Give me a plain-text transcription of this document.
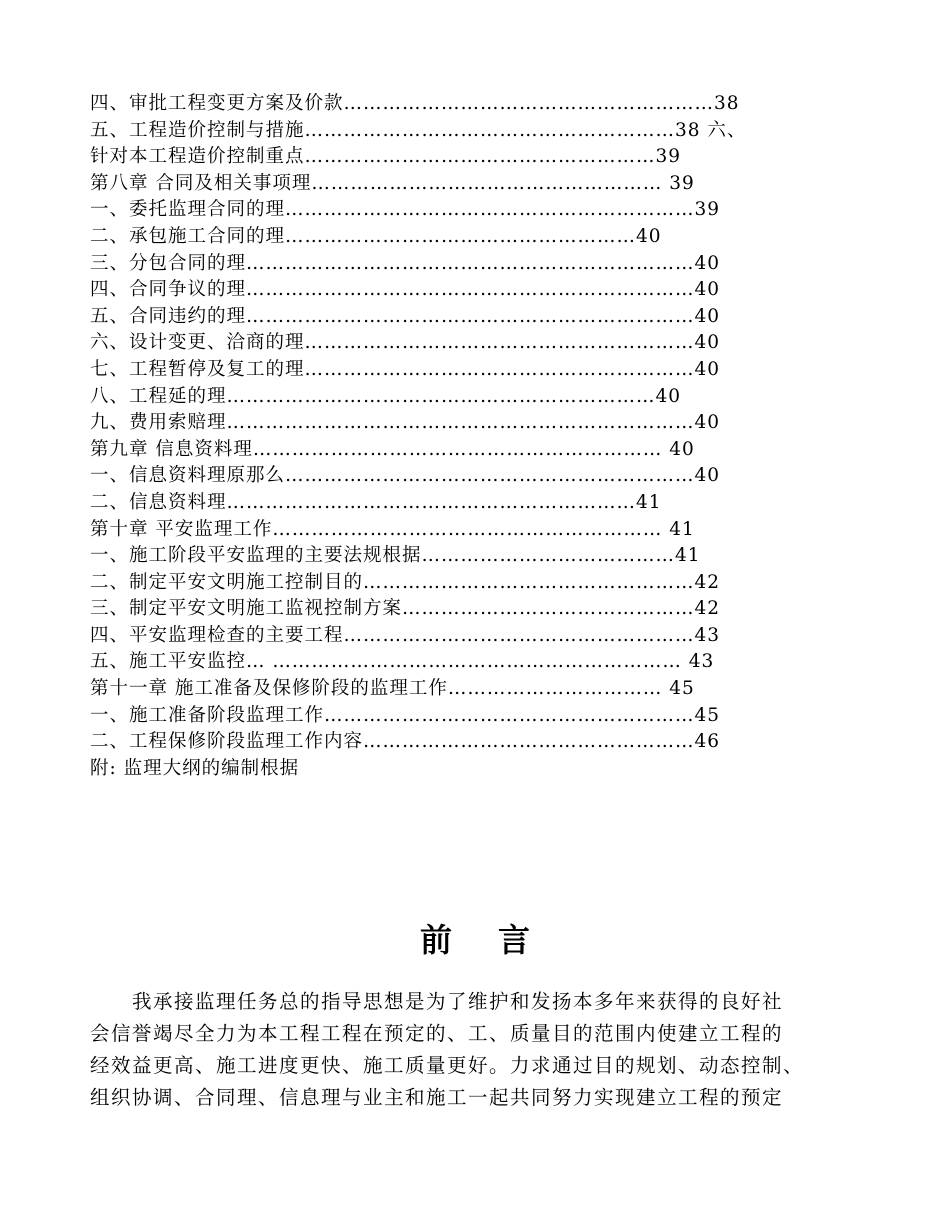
四、审批工程变更方案及价款…………………………………………………38
五、工程造价控制与措施…………………………………………………38 六、
针对本工程造价控制重点………………………………………………39
第八章 合同及相关事项理……………………………………………… 39
一、委托监理合同的理………………………………………………………39
二、承包施工合同的理………………………………………………40
三、分包合同的理……………………………………………………………40
四、合同争议的理……………………………………………………………40
五、合同违约的理……………………………………………………………40
六、设计变更、洽商的理……………………………………………………40
七、工程暂停及复工的理……………………………………………………40
八、工程延的理…………………………………………………………40
九、费用索赔理………………………………………………………………40
第九章 信息资料理……………………………………………………… 40
一、信息资料理原那么………………………………………………………40
二、信息资料理………………………………………………………41
第十章 平安监理工作…………………………………………………… 41
一、施工阶段平安监理的主要法规根据…………………………………41
二、制定平安文明施工控制目的……………………………………………42
三、制定平安文明施工监视控制方案………………………………………42
四、平安监理检查的主要工程………………………………………………43
五、施工平安监控… ……………………………………………………… 43
第十一章 施工准备及保修阶段的监理工作…………………………… 45
一、施工准备阶段监理工作…………………………………………………45
二、工程保修阶段监理工作内容……………………………………………46
附: 监理大纲的编制根据
前言
　　我承接监理任务总的指导思想是为了维护和发扬本多年来获得的良好社
会信誉竭尽全力为本工程工程在预定的、工、质量目的范围内使建立工程的
经效益更高、施工进度更快、施工质量更好。力求通过目的规划、动态控制、
组织协调、合同理、信息理与业主和施工一起共同努力实现建立工程的预定
